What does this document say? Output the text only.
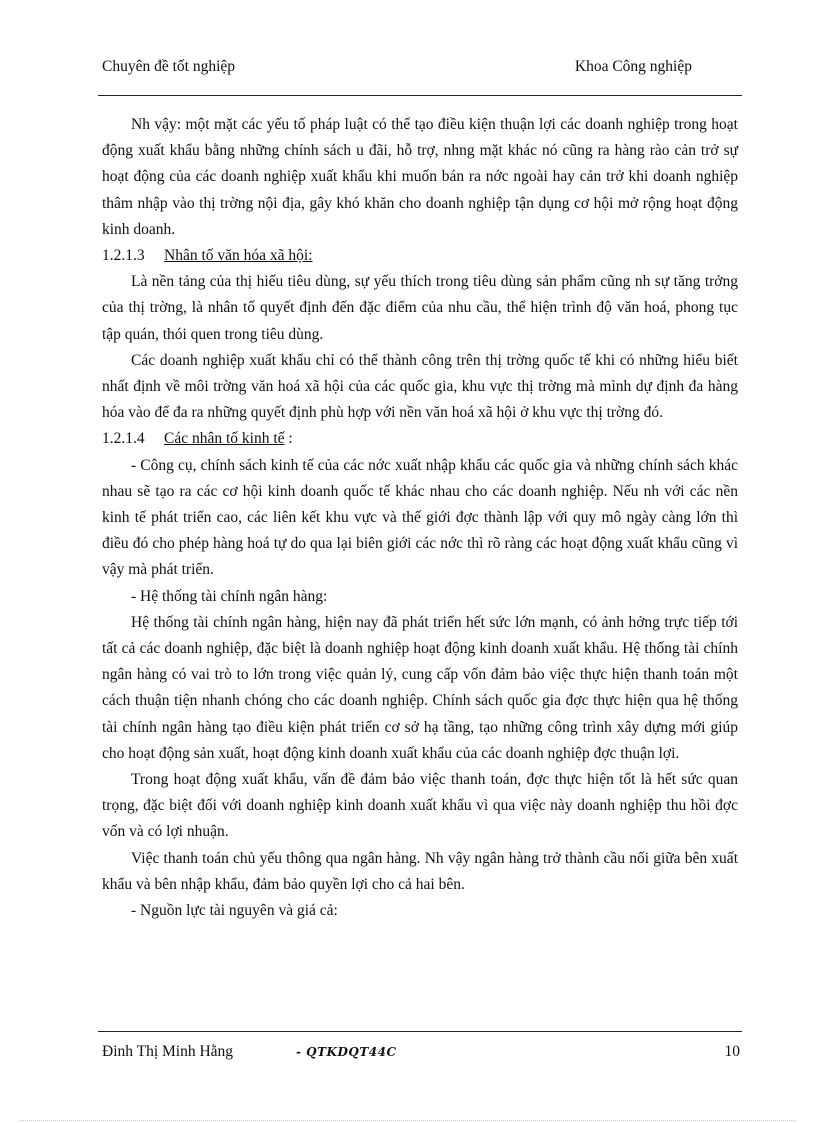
Chuyên đề tốt nghiệp	Khoa Công nghiệp

Nh vậy: một mặt các yếu tố pháp luật có thể tạo điều kiện thuận lợi các doanh nghiệp trong hoạt động xuất khẩu bằng những chính sách u đãi, hỗ trợ, nhng mặt khác nó cũng ra hàng rào cản trở sự hoạt động của các doanh nghiệp xuất khẩu khi muốn bán ra nớc ngoài hay cản trở khi doanh nghiệp thâm nhập vào thị trờng nội địa, gây khó khăn cho doanh nghiệp tận dụng cơ hội mở rộng hoạt động kinh doanh.

1.2.1.3 Nhân tố văn hóa xã hội:

Là nền tảng của thị hiếu tiêu dùng, sự yếu thích trong tiêu dùng sản phẩm cũng nh sự tăng trởng của thị trờng, là nhân tố quyết định đến đặc điểm của nhu cầu, thể hiện trình độ văn hoá, phong tục tập quán, thói quen trong tiêu dùng.

Các doanh nghiệp xuất khẩu chỉ có thể thành công trên thị trờng quốc tế khi có những hiểu biết nhất định về môi trờng văn hoá xã hội của các quốc gia, khu vực thị trờng mà mình dự định đa hàng hóa vào để đa ra những quyết định phù hợp với nền văn hoá xã hội ở khu vực thị trờng đó.

1.2.1.4 Các nhân tố kinh tế :

- Công cụ, chính sách kinh tế của các nớc xuất nhập khẩu các quốc gia và những chính sách khác nhau sẽ tạo ra các cơ hội kinh doanh quốc tế khác nhau cho các doanh nghiệp. Nếu nh với các nền kinh tế phát triển cao, các liên kết khu vực và thế giới đợc thành lập với quy mô ngày càng lớn thì điều đó cho phép hàng hoá tự do qua lại biên giới các nớc thì rõ ràng các hoạt động xuất khẩu cũng vì vậy mà phát triển.

- Hệ thống tài chính ngân hàng:

Hệ thống tài chính ngân hàng, hiện nay đã phát triển hết sức lớn mạnh, có ảnh hởng trực tiếp tới tất cả các doanh nghiệp, đặc biệt là doanh nghiệp hoạt động kinh doanh xuất khẩu. Hệ thống tài chính ngân hàng có vai trò to lớn trong việc quản lý, cung cấp vốn đảm bảo việc thực hiện thanh toán một cách thuận tiện nhanh chóng cho các doanh nghiệp. Chính sách quốc gia đợc thực hiện qua hệ thống tài chính ngân hàng tạo điều kiện phát triển cơ sở hạ tầng, tạo những công trình xây dựng mới giúp cho hoạt động sản xuất, hoạt động kinh doanh xuất khẩu của các doanh nghiệp đợc thuận lợi.

Trong hoạt động xuất khẩu, vấn đề đảm bảo việc thanh toán, đợc thực hiện tốt là hết sức quan trọng, đặc biệt đối với doanh nghiệp kinh doanh xuất khẩu vì qua việc này doanh nghiệp thu hồi đợc vốn và có lợi nhuận.

Việc thanh toán chủ yếu thông qua ngân hàng. Nh vậy ngân hàng trở thành cầu nối giữa bên xuất khẩu và bên nhập khẩu, đảm bảo quyền lợi cho cả hai bên.

- Nguồn lực tài nguyên và giá cả:

Đinh Thị Minh Hằng	- QTKDQT44C	10
